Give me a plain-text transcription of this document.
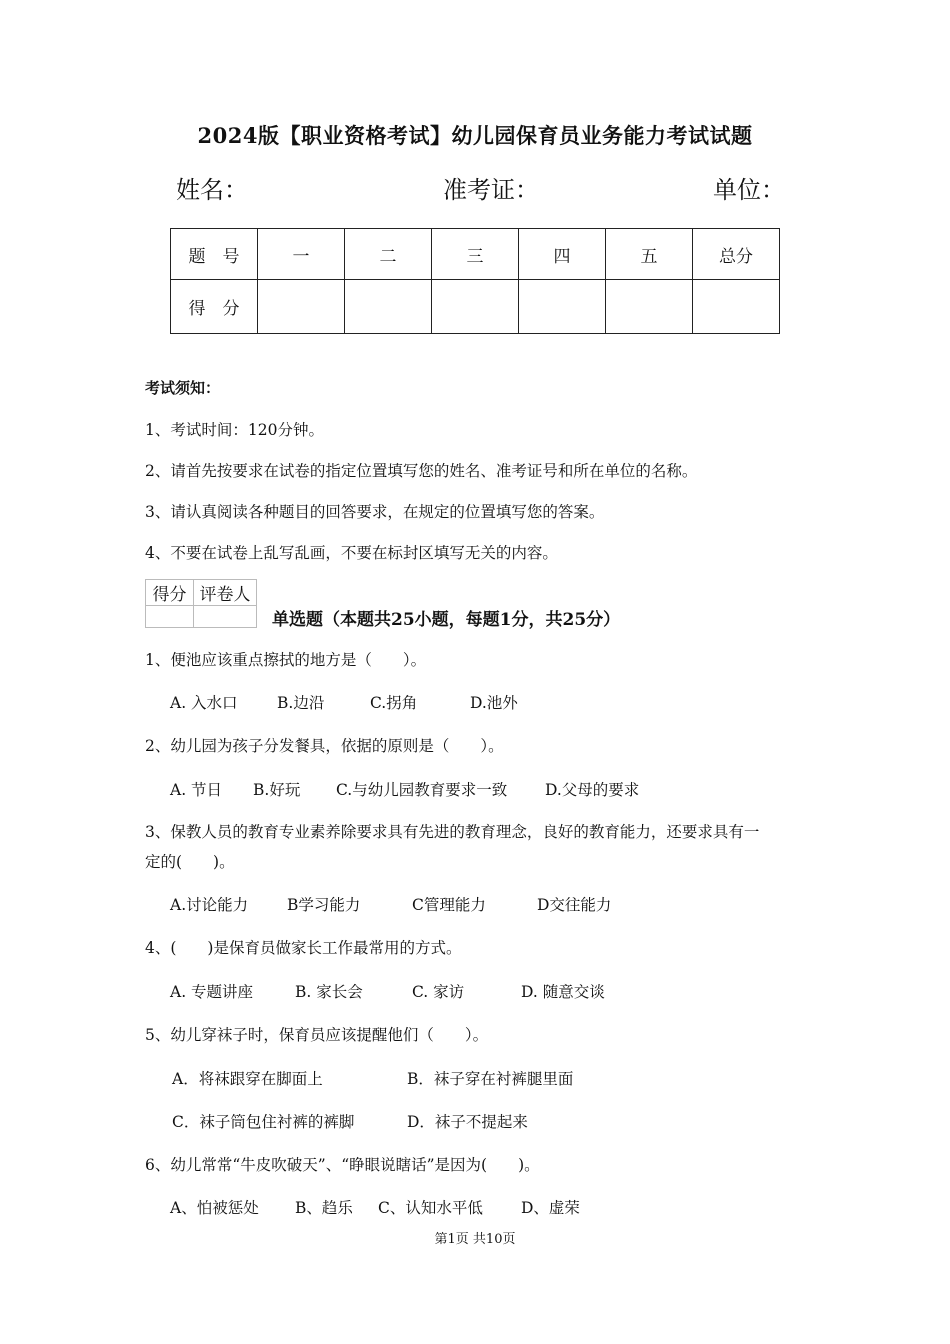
2024版【职业资格考试】幼儿园保育员业务能力考试试题
姓名：	准考证：	单位：
题　号	一	二	三	四	五	总分
得　分						
考试须知：
1、考试时间：120分钟。
2、请首先按要求在试卷的指定位置填写您的姓名、准考证号和所在单位的名称。
3、请认真阅读各种题目的回答要求，在规定的位置填写您的答案。
4、不要在试卷上乱写乱画，不要在标封区填写无关的内容。
得分	评卷人

单选题（本题共25小题，每题1分，共25分）
1、便池应该重点擦拭的地方是（　　）。
A. 入水口	B.边沿	C.拐角	D.池外
2、幼儿园为孩子分发餐具，依据的原则是（　　）。
A. 节日 B.好玩 C.与幼儿园教育要求一致 D.父母的要求
3、保教人员的教育专业素养除要求具有先进的教育理念，良好的教育能力，还要求具有一
定的(　　)。
A.讨论能力	B学习能力	C管理能力	D交往能力
4、(　　)是保育员做家长工作最常用的方式。
A. 专题讲座	B. 家长会	C. 家访	D. 随意交谈
5、幼儿穿袜子时，保育员应该提醒他们（　　）。
A．将袜跟穿在脚面上	B．袜子穿在衬裤腿里面
C．袜子筒包住衬裤的裤脚	D．袜子不提起来
6、幼儿常常“牛皮吹破天”、“睁眼说瞎话”是因为(　　)。
A、怕被惩处 B、趋乐 C、认知水平低 D、虚荣
第1页 共10页
